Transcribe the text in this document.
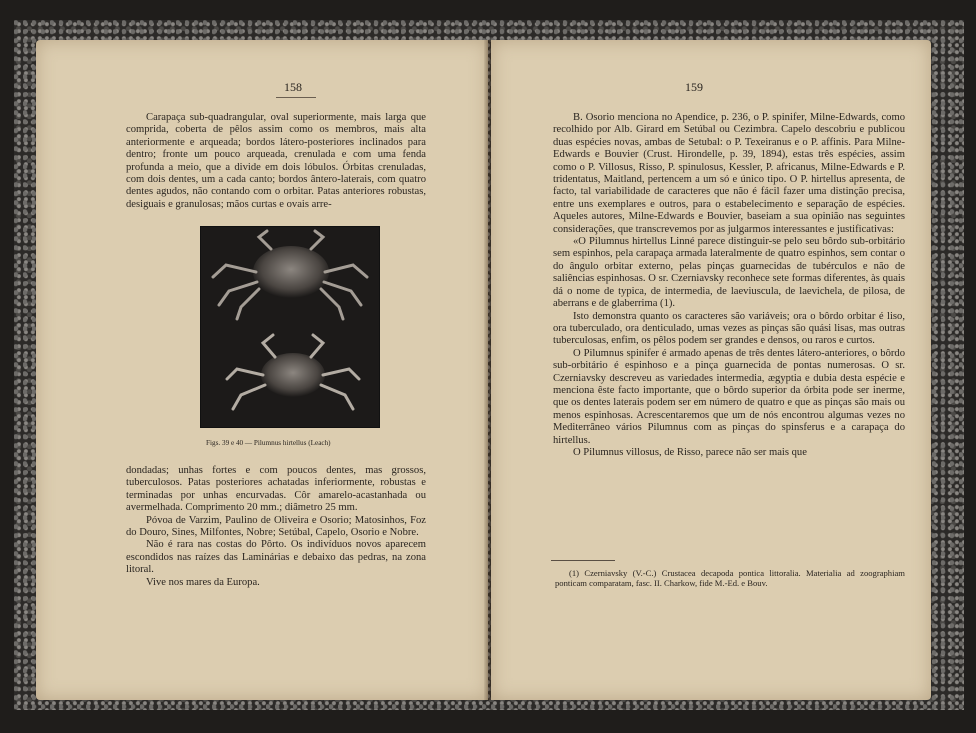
158

Carapaça sub-quadrangular, oval superiormente, mais larga que comprida, coberta de pêlos assim como os membros, mais alta anteriormente e arqueada; bordos látero-posteriores inclinados para dentro; fronte um pouco arqueada, crenulada e com uma fenda profunda a meio, que a divide em dois lóbulos. Órbitas crenuladas, com dois dentes, um a cada canto; bordos ântero-laterais, com quatro dentes agudos, não contando com o orbitar. Patas anteriores robustas, desiguais e granulosas; mãos curtas e ovais arre-

Figs. 39 e 40 — Pilumnus hirtellus (Leach)

dondadas; unhas fortes e com poucos dentes, mas grossos, tuberculosos. Patas posteriores achatadas inferiormente, robustas e terminadas por unhas encurvadas. Côr amarelo-acastanhada ou avermelhada. Comprimento 20 mm.; diâmetro 25 mm.

Póvoa de Varzim, Paulino de Oliveira e Osorio; Matosinhos, Foz do Douro, Sines, Milfontes, Nobre; Setúbal, Capelo, Osorio e Nobre.

Não é rara nas costas do Pôrto. Os indivíduos novos aparecem escondidos nas raízes das Laminárias e debaixo das pedras, na zona litoral.

Vive nos mares da Europa.

159

B. Osorio menciona no Apendice, p. 236, o P. spinifer, Milne-Edwards, como recolhido por Alb. Girard em Setúbal ou Cezimbra. Capelo descobriu e publicou duas espécies novas, ambas de Setubal: o P. Texeiranus e o P. affinis. Para Milne-Edwards e Bouvier (Crust. Hirondelle, p. 39, 1894), estas três espécies, assim como o P. Villosus, Risso, P. spinulosus, Kessler, P. africanus, Milne-Edwards e P. tridentatus, Maitland, pertencem a um só e único tipo. O P. hirtellus apresenta, de facto, tal variabilidade de caracteres que não é fácil fazer uma distinção precisa, entre uns exemplares e outros, para o estabelecimento e separação de espécies. Aqueles autores, Milne-Edwards e Bouvier, baseiam a sua opinião nas seguintes considerações, que transcrevemos por as julgarmos interessantes e justificativas:

«O Pilumnus hirtellus Linné parece distinguir-se pelo seu bôrdo sub-orbitário sem espinhos, pela carapaça armada lateralmente de quatro espinhos, sem contar o do ângulo orbitar externo, pelas pinças guarnecidas de tubérculos e não de saliências espinhosas. O sr. Czerniavsky reconhece sete formas diferentes, às quais dá o nome de typica, de intermedia, de laeviuscula, de laevichela, de pilosa, de aberrans e de glaberrima (1).

Isto demonstra quanto os caracteres são variáveis; ora o bôrdo orbitar é liso, ora tuberculado, ora denticulado, umas vezes as pinças são quási lisas, mas outras tuberculosas, enfim, os pêlos podem ser grandes e densos, ou raros e curtos.

O Pilumnus spinifer é armado apenas de três dentes látero-anteriores, o bôrdo sub-orbitário é espinhoso e a pinça guarnecida de pontas numerosas. O sr. Czerniavsky descreveu as variedades intermedia, ægyptia e dubia desta espécie e menciona êste facto importante, que o bôrdo superior da órbita pode ser inerme, que os dentes laterais podem ser em número de quatro e que as pinças são mais ou menos espinhosas. Acrescentaremos que um de nós encontrou algumas vezes no Mediterrâneo vários Pilumnus com as pinças do spinsferus e a carapaça do hirtellus.

O Pilumnus villosus, de Risso, parece não ser mais que

(1) Czerniavsky (V.-C.) Crustacea decapoda pontica littoralia. Materialia ad zoographiam ponticam comparatam, fasc. II. Charkow, fide M.-Ed. e Bouv.
